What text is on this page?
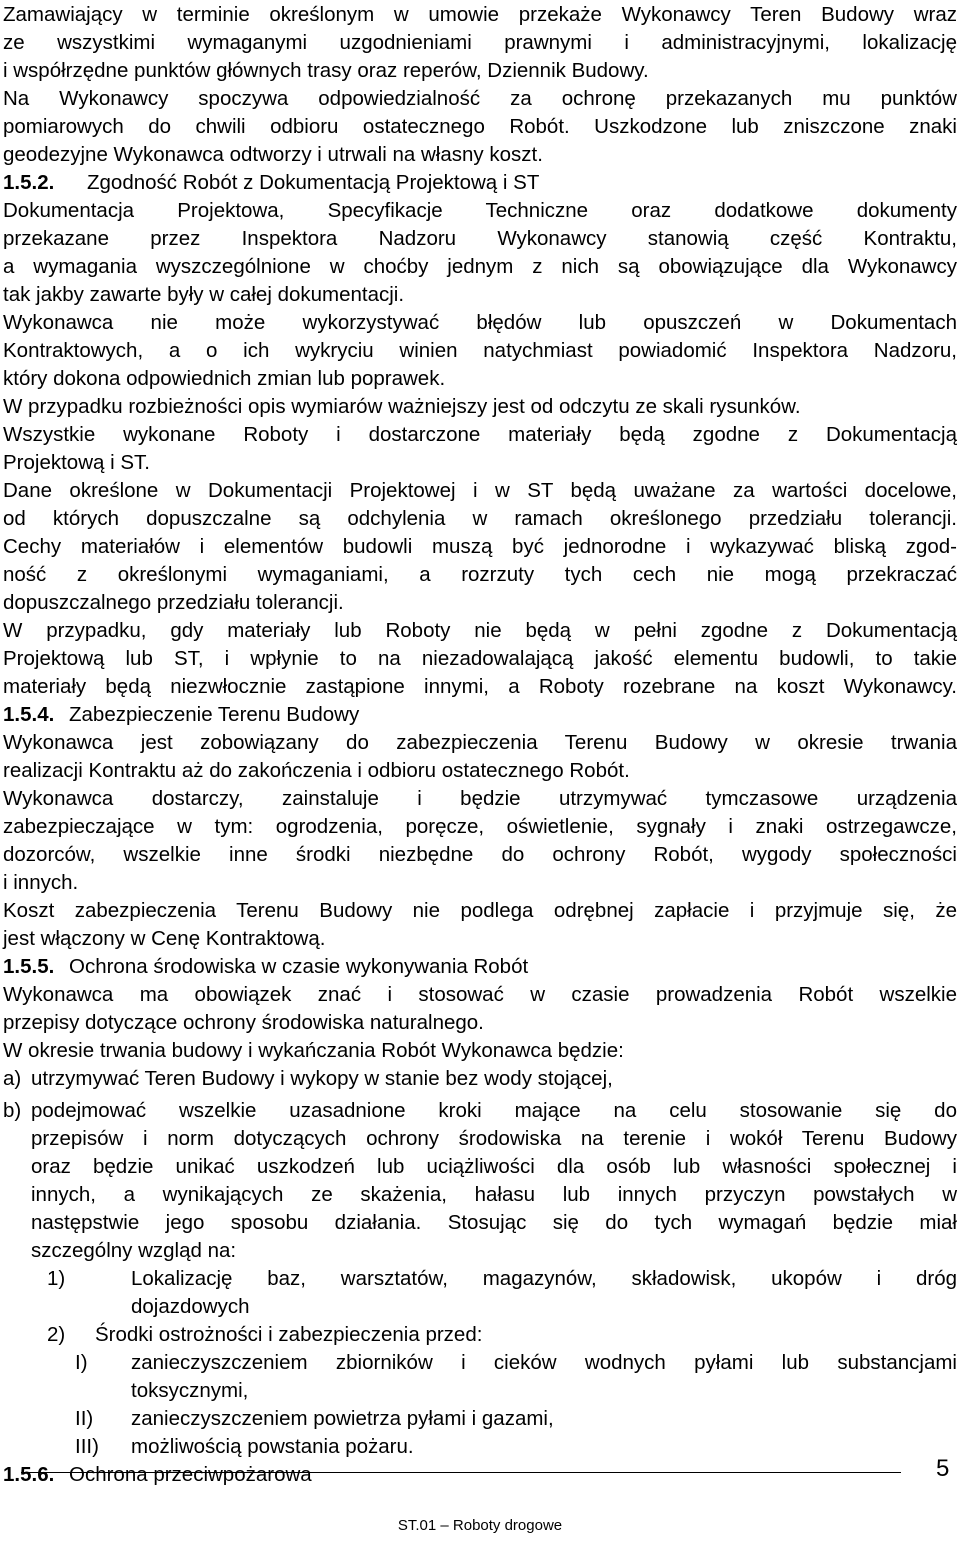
Zamawiający w terminie określonym w umowie przekaże Wykonawcy Teren Budowy wraz
ze wszystkimi wymaganymi uzgodnieniami prawnymi i administracyjnymi, lokalizację
i współrzędne punktów głównych trasy oraz reperów, Dziennik Budowy.
Na Wykonawcy spoczywa odpowiedzialność za ochronę przekazanych mu punktów
pomiarowych do chwili odbioru ostatecznego Robót. Uszkodzone lub zniszczone znaki
geodezyjne Wykonawca odtworzy i utrwali na własny koszt.
1.5.2. Zgodność Robót z Dokumentacją Projektową i ST
Dokumentacja Projektowa, Specyfikacje Techniczne oraz dodatkowe dokumenty
przekazane przez Inspektora Nadzoru Wykonawcy stanowią część Kontraktu,
a wymagania wyszczególnione w choćby jednym z nich są obowiązujące dla Wykonawcy
tak jakby zawarte były w całej dokumentacji.
Wykonawca nie może wykorzystywać błędów lub opuszczeń w Dokumentach
Kontraktowych, a o ich wykryciu winien natychmiast powiadomić Inspektora Nadzoru,
który dokona odpowiednich zmian lub poprawek.
W przypadku rozbieżności opis wymiarów ważniejszy jest od odczytu ze skali rysunków.
Wszystkie wykonane Roboty i dostarczone materiały będą zgodne z Dokumentacją
Projektową i ST.
Dane określone w Dokumentacji Projektowej i w ST będą uważane za wartości docelowe,
od których dopuszczalne są odchylenia w ramach określonego przedziału tolerancji.
Cechy materiałów i elementów budowli muszą być jednorodne i wykazywać bliską zgod-
ność z określonymi wymaganiami, a rozrzuty tych cech nie mogą przekraczać
dopuszczalnego przedziału tolerancji.
W przypadku, gdy materiały lub Roboty nie będą w pełni zgodne z Dokumentacją
Projektową lub ST, i wpłynie to na niezadowalającą jakość elementu budowli, to takie
materiały będą niezwłocznie zastąpione innymi, a Roboty rozebrane na koszt Wykonawcy.
1.5.4. Zabezpieczenie Terenu Budowy
Wykonawca jest zobowiązany do zabezpieczenia Terenu Budowy w okresie trwania
realizacji Kontraktu aż do zakończenia i odbioru ostatecznego Robót.
Wykonawca dostarczy, zainstaluje i będzie utrzymywać tymczasowe urządzenia
zabezpieczające w tym: ogrodzenia, poręcze, oświetlenie, sygnały i znaki ostrzegawcze,
dozorców, wszelkie inne środki niezbędne do ochrony Robót, wygody społeczności
i innych.
Koszt zabezpieczenia Terenu Budowy nie podlega odrębnej zapłacie i przyjmuje się, że
jest włączony w Cenę Kontraktową.
1.5.5. Ochrona środowiska w czasie wykonywania Robót
Wykonawca ma obowiązek znać i stosować w czasie prowadzenia Robót wszelkie
przepisy dotyczące ochrony środowiska naturalnego.
W okresie trwania budowy i wykańczania Robót Wykonawca będzie:
a) utrzymywać Teren Budowy i wykopy w stanie bez wody stojącej,
b) podejmować wszelkie uzasadnione kroki mające na celu stosowanie się do
przepisów i norm dotyczących ochrony środowiska na terenie i wokół Terenu Budowy
oraz będzie unikać uszkodzeń lub uciążliwości dla osób lub własności społecznej i
innych, a wynikających ze skażenia, hałasu lub innych przyczyn powstałych w
następstwie jego sposobu działania. Stosując się do tych wymagań będzie miał
szczególny wzgląd na:
1)	Lokalizację baz, warsztatów, magazynów, składowisk, ukopów i dróg
dojazdowych
2) Środki ostrożności i zabezpieczenia przed:
I) zanieczyszczeniem zbiorników i cieków wodnych pyłami lub substancjami
toksycznymi,
II) zanieczyszczeniem powietrza pyłami i gazami,
III) możliwością powstania pożaru.
1.5.6. Ochrona przeciwpożarowa	5
ST.01 – Roboty drogowe
